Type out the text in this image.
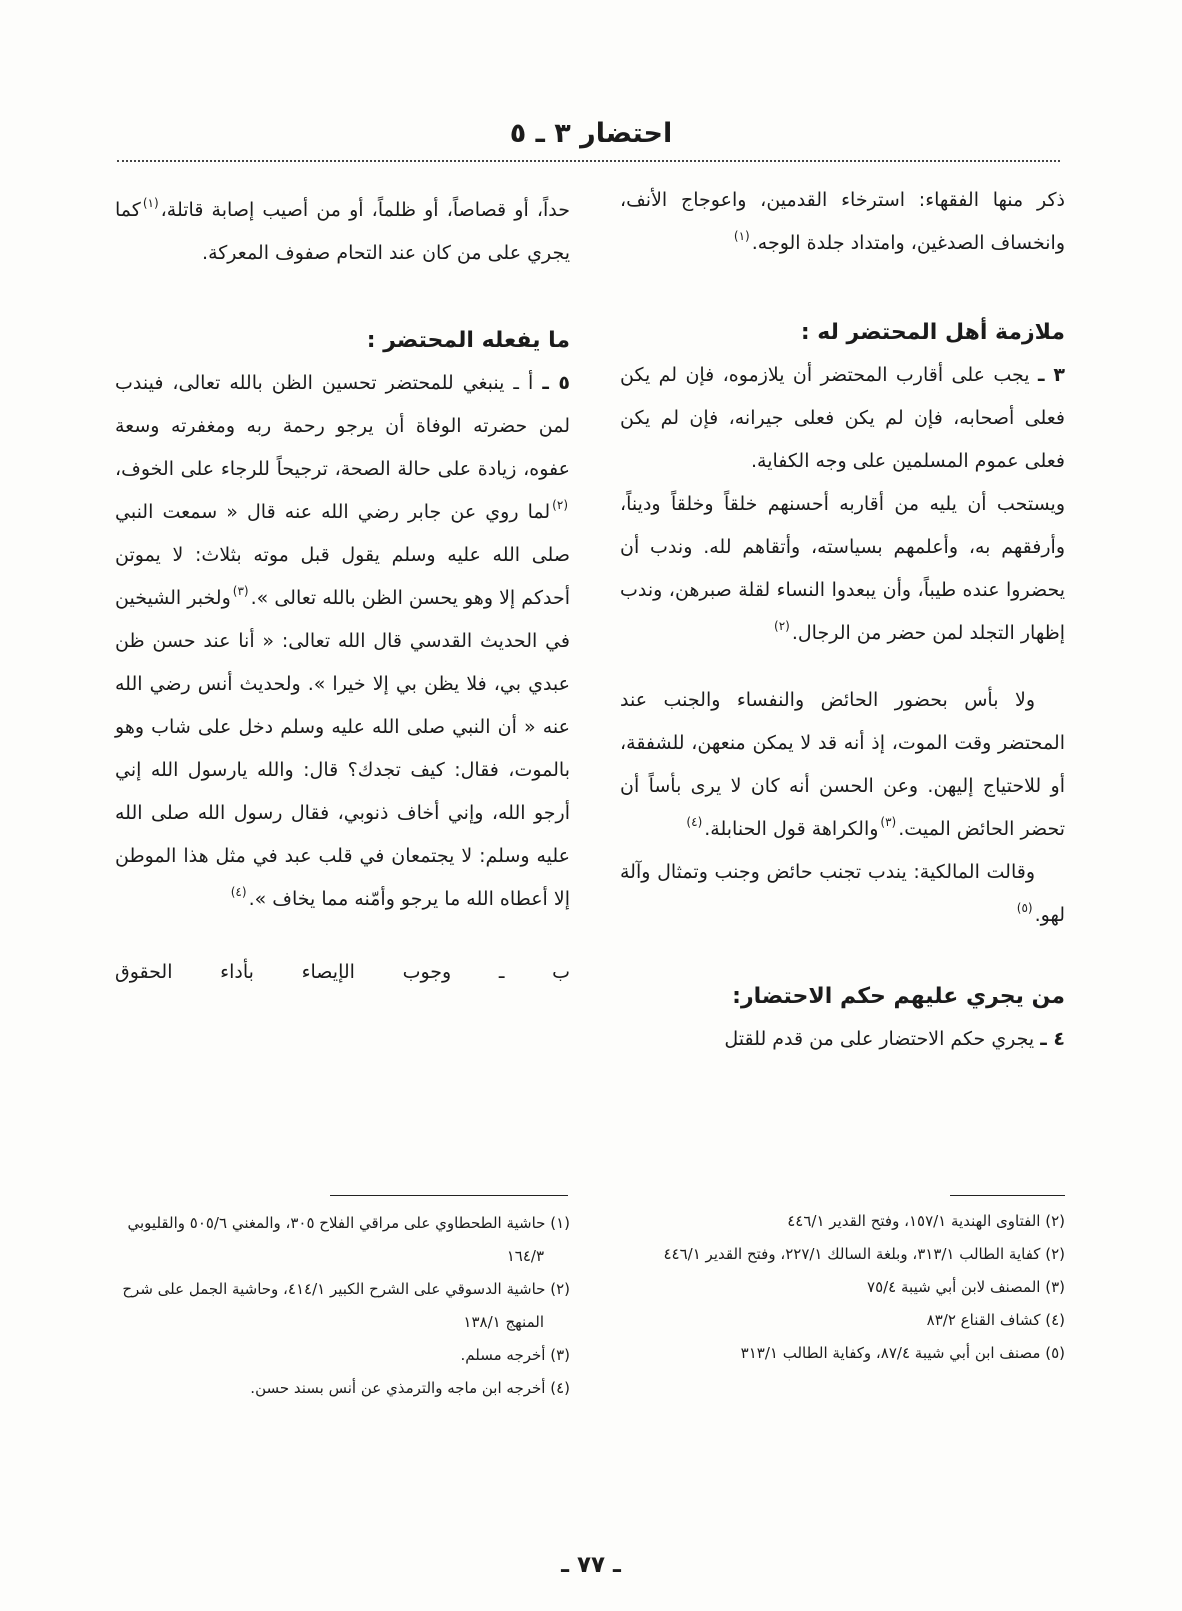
احتضار ٣ ـ ٥

ذكر منها الفقهاء: استرخاء القدمين، واعوجاج الأنف، وانخساف الصدغين، وامتداد جلدة الوجه.$^{(١)}$

ملازمة أهل المحتضر له :

٣ ـ يجب على أقارب المحتضر أن يلازموه، فإن لم يكن فعلى أصحابه، فإن لم يكن فعلى جيرانه، فإن لم يكن فعلى عموم المسلمين على وجه الكفاية.

ويستحب أن يليه من أقاربه أحسنهم خلقاً وخلقاً وديناً، وأرفقهم به، وأعلمهم بسياسته، وأتقاهم لله. وندب أن يحضروا عنده طيباً، وأن يبعدوا النساء لقلة صبرهن، وندب إظهار التجلد لمن حضر من الرجال.$^{(٢)}$

ولا بأس بحضور الحائض والنفساء والجنب عند المحتضر وقت الموت، إذ أنه قد لا يمكن منعهن، للشفقة، أو للاحتياج إليهن. وعن الحسن أنه كان لا يرى بأساً أن تحضر الحائض الميت.$^{(٣)}$والكراهة قول الحنابلة.$^{(٤)}$

وقالت المالكية: يندب تجنب حائض وجنب وتمثال وآلة لهو.$^{(٥)}$

من يجري عليهم حكم الاحتضار:

٤ ـ يجري حكم الاحتضار على من قدم للقتل

حداً، أو قصاصاً، أو ظلماً، أو من أصيب إصابة قاتلة،$^{(١)}$كما يجري على من كان عند التحام صفوف المعركة.

ما يفعله المحتضر :

٥ ـ أ ـ ينبغي للمحتضر تحسين الظن بالله تعالى، فيندب لمن حضرته الوفاة أن يرجو رحمة ربه ومغفرته وسعة عفوه، زيادة على حالة الصحة، ترجيحاً للرجاء على الخوف،$^{(٢)}$لما روي عن جابر رضي الله عنه قال « سمعت النبي صلى الله عليه وسلم يقول قبل موته بثلاث: لا يموتن أحدكم إلا وهو يحسن الظن بالله تعالى ».$^{(٣)}$ولخبر الشيخين في الحديث القدسي قال الله تعالى: « أنا عند حسن ظن عبدي بي، فلا يظن بي إلا خيرا ». ولحديث أنس رضي الله عنه « أن النبي صلى الله عليه وسلم دخل على شاب وهو بالموت، فقال: كيف تجدك؟ قال: والله يارسول الله إني أرجو الله، وإني أخاف ذنوبي، فقال رسول الله صلى الله عليه وسلم: لا يجتمعان في قلب عبد في مثل هذا الموطن إلا أعطاه الله ما يرجو وأمّنه مما يخاف ».$^{(٤)}$

ب ـ وجوب الإيصاء بأداء الحقوق

(٢) الفتاوى الهندية ١٥٧/١، وفتح القدير ٤٤٦/١
(٢) كفاية الطالب ٣١٣/١، وبلغة السالك ٢٢٧/١، وفتح القدير ٤٤٦/١
(٣) المصنف لابن أبي شيبة ٧٥/٤
(٤) كشاف القناع ٨٣/٢
(٥) مصنف ابن أبي شيبة ٨٧/٤، وكفاية الطالب ٣١٣/١
(١) حاشية الطحطاوي على مراقي الفلاح ٣٠٥، والمغني ٥٠٥/٦ والقليوبي ١٦٤/٣
(٢) حاشية الدسوقي على الشرح الكبير ٤١٤/١، وحاشية الجمل على شرح المنهج ١٣٨/١
(٣) أخرجه مسلم.
(٤) أخرجه ابن ماجه والترمذي عن أنس بسند حسن.
ـ ٧٧ ـ
